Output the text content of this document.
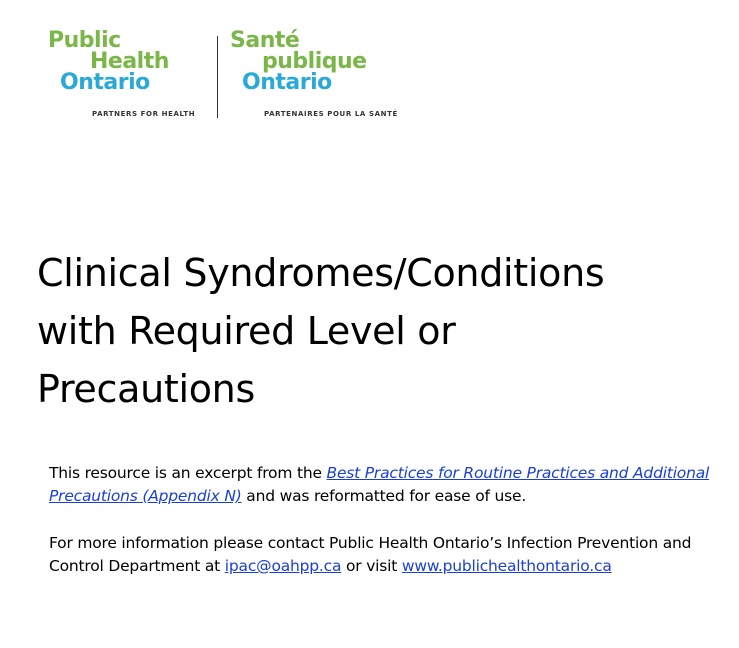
Public
Health
Ontario
Santé
publique
Ontario
PARTNERS FOR HEALTH	PARTENAIRES POUR LA SANTÉ
Clinical Syndromes/Conditions
with Required Level or
Precautions

This resource is an excerpt from the Best Practices for Routine Practices and Additional Precautions (Appendix N) and was reformatted for ease of use.

For more information please contact Public Health Ontario’s Infection Prevention and Control Department at ipac@oahpp.ca or visit www.publichealthontario.ca
